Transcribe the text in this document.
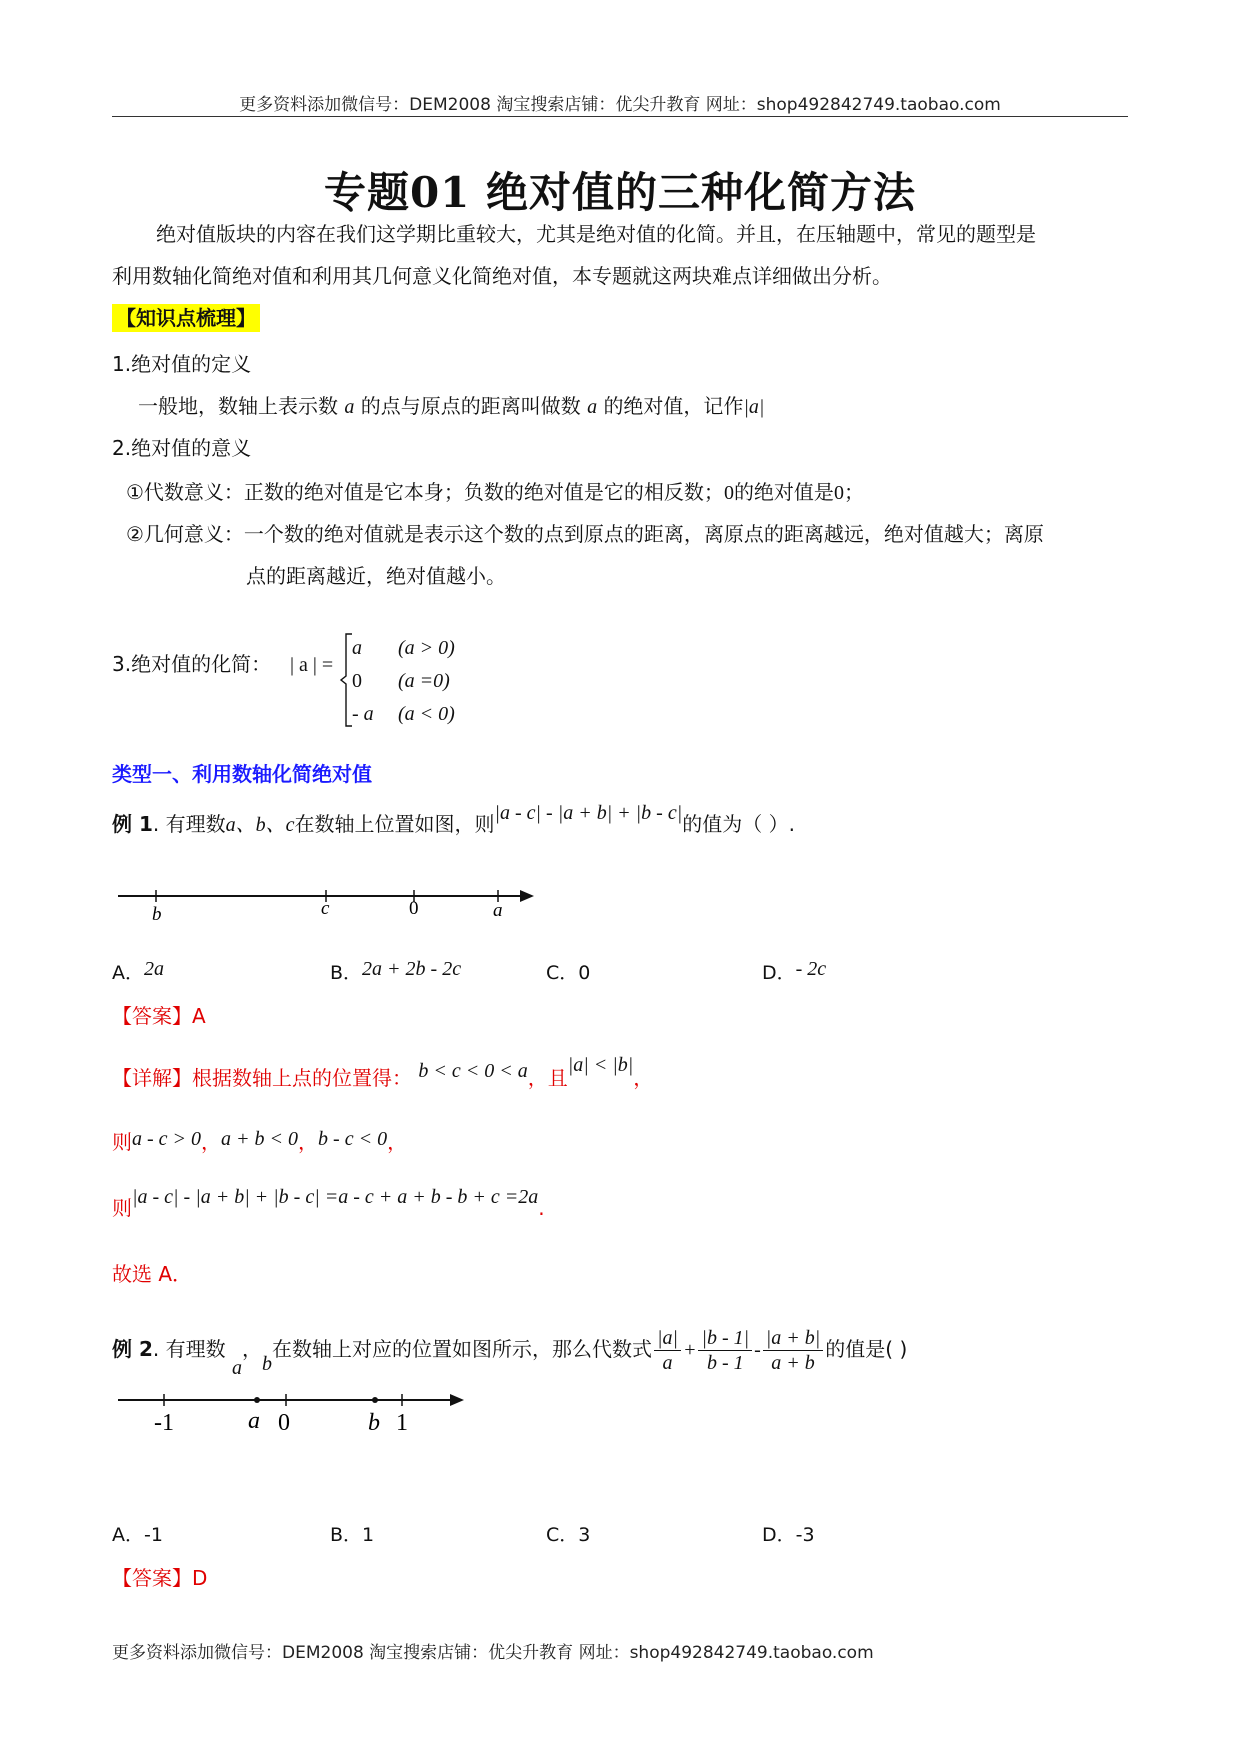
更多资料添加微信号：DEM2008 淘宝搜索店铺：优尖升教育 网址：shop492842749.taobao.com
专题01 绝对值的三种化简方法
绝对值版块的内容在我们这学期比重较大，尤其是绝对值的化简。并且，在压轴题中，常见的题型是
利用数轴化简绝对值和利用其几何意义化简绝对值，本专题就这两块难点详细做出分析。
【知识点梳理】
1.绝对值的定义
一般地，数轴上表示数 a 的点与原点的距离叫做数 a 的绝对值，记作|a|
2.绝对值的意义
①代数意义：正数的绝对值是它本身；负数的绝对值是它的相反数；0的绝对值是0；
②几何意义：一个数的绝对值就是表示这个数的点到原点的距离，离原点的距离越远，绝对值越大；离原
点的距离越近，绝对值越小。
3.绝对值的化简： | a | =
a (a > 0)
0 (a =0)
- a (a < 0)
类型一、利用数轴化简绝对值
例 1. 有理数a、b、c在数轴上位置如图，则|a - c| - |a + b| + |b - c|的值为（ ）.
b	c	0	a
A．2a	B．2a + 2b - 2c	C．0	D．- 2c
【答案】A
【详解】根据数轴上点的位置得： b < c < 0 < a，且|a| < |b|，
则a - c > 0，a + b < 0，b - c < 0，
则|a - c| - |a + b| + |b - c| =a - c + a + b - b + c =2a.
故选 A．
例 2. 有理数 a，b在数轴上对应的位置如图所示，那么代数式 $\frac{|a|}{a} + \frac{|b - 1|}{b - 1} - \frac{|a + b|}{a + b}$ 的值是( )
-1	a 0	b 1
A．-1	B．1	C．3	D．-3
【答案】D
更多资料添加微信号：DEM2008 淘宝搜索店铺：优尖升教育 网址：shop492842749.taobao.com
